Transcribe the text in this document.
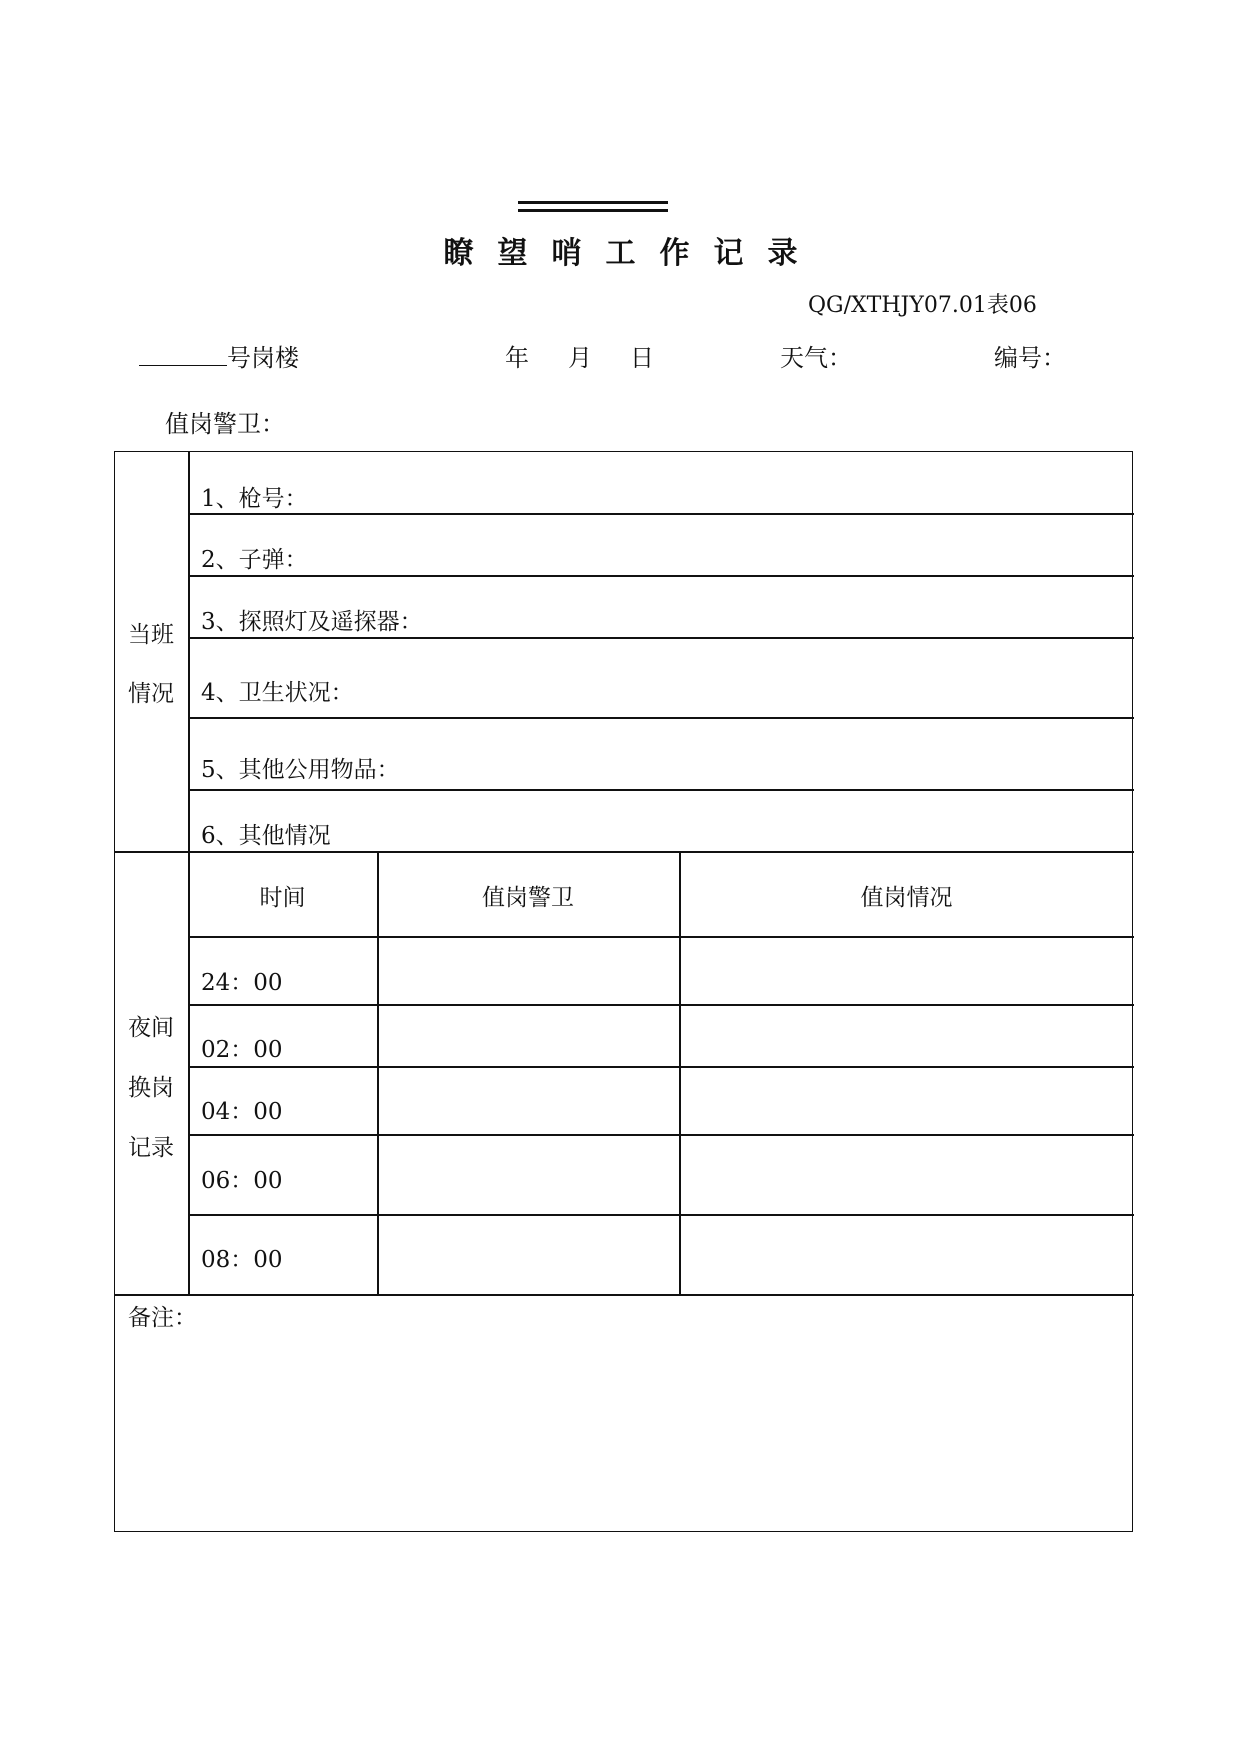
瞭望哨工作记录
QG/XTHJY07.01表06
号岗楼	年 月 日	天气：	编号：
值岗警卫：
当班
情况
1、枪号：
2、子弹：
3、探照灯及遥探器：
4、卫生状况：
5、其他公用物品：
6、其他情况
夜间
换岗
记录
时间	值岗警卫	值岗情况
24：00
02：00
04：00
06：00
08：00
备注：
